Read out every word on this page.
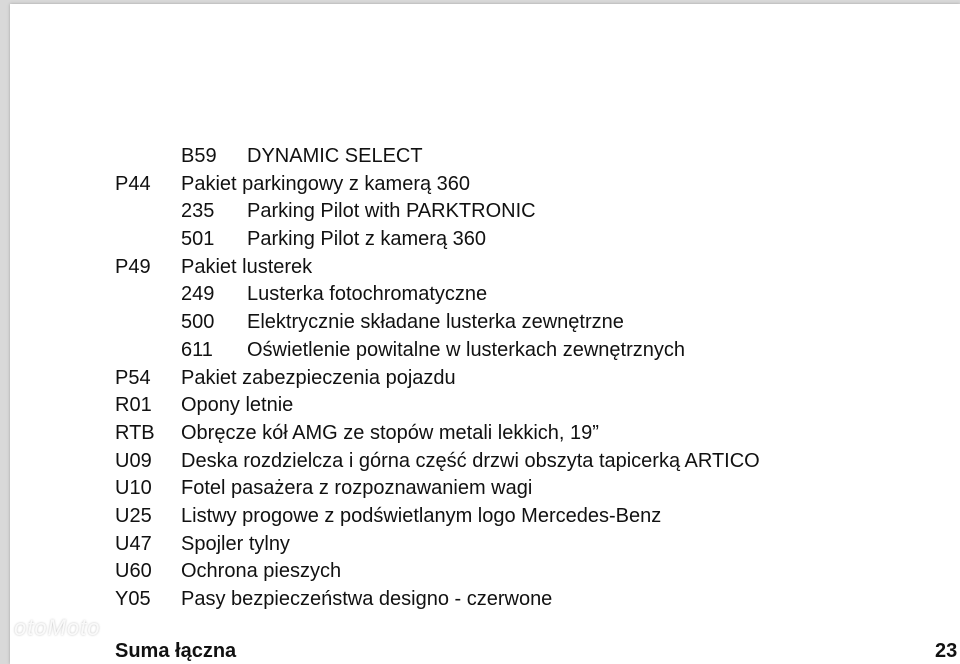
B59 DYNAMIC SELECT
P44 Pakiet parkingowy z kamerą 360
235 Parking Pilot with PARKTRONIC
501 Parking Pilot z kamerą 360
P49 Pakiet lusterek
249 Lusterka fotochromatyczne
500 Elektrycznie składane lusterka zewnętrzne
611 Oświetlenie powitalne w lusterkach zewnętrznych
P54 Pakiet zabezpieczenia pojazdu
R01 Opony letnie
RTB Obręcze kół AMG ze stopów metali lekkich, 19”
U09 Deska rozdzielcza i górna część drzwi obszyta tapicerką ARTICO
U10 Fotel pasażera z rozpoznawaniem wagi
U25 Listwy progowe z podświetlanym logo Mercedes-Benz
U47 Spojler tylny
U60 Ochrona pieszych
Y05 Pasy bezpieczeństwa designo - czerwone
Suma łączna	23
otoMoto
